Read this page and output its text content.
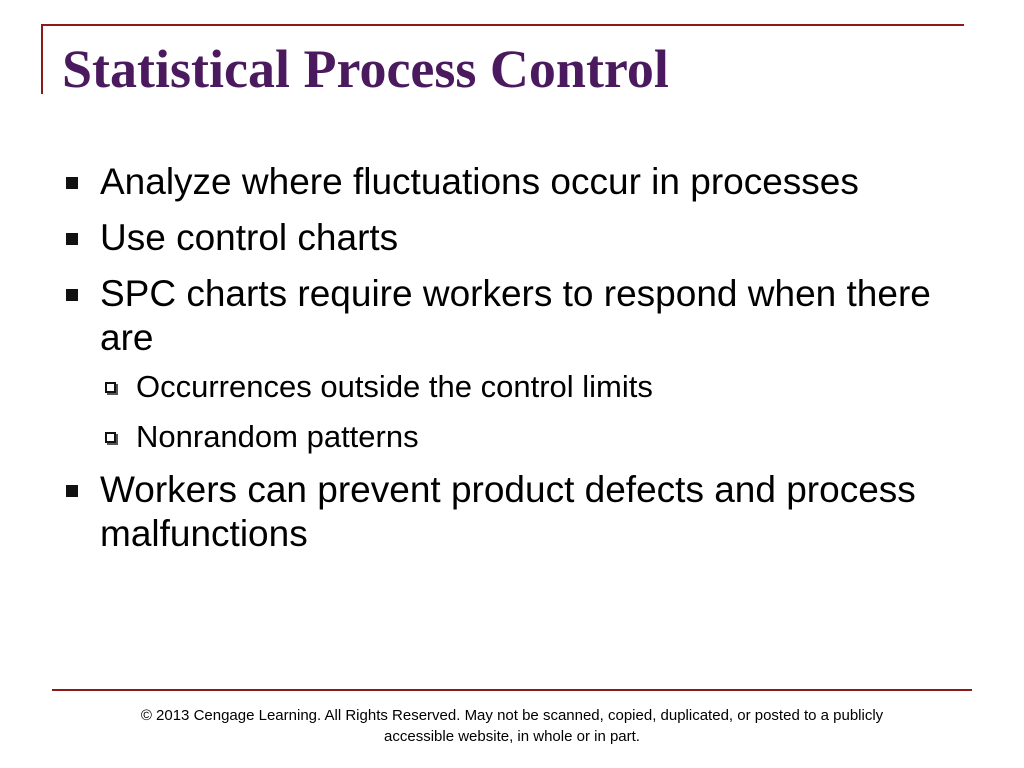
Statistical Process Control
Analyze where fluctuations occur in processes
Use control charts
SPC charts require workers to respond when there are
Occurrences outside the control limits
Nonrandom patterns
Workers can prevent product defects and process malfunctions
© 2013 Cengage Learning. All Rights Reserved. May not be scanned, copied, duplicated, or posted to a publicly
accessible website, in whole or in part.
